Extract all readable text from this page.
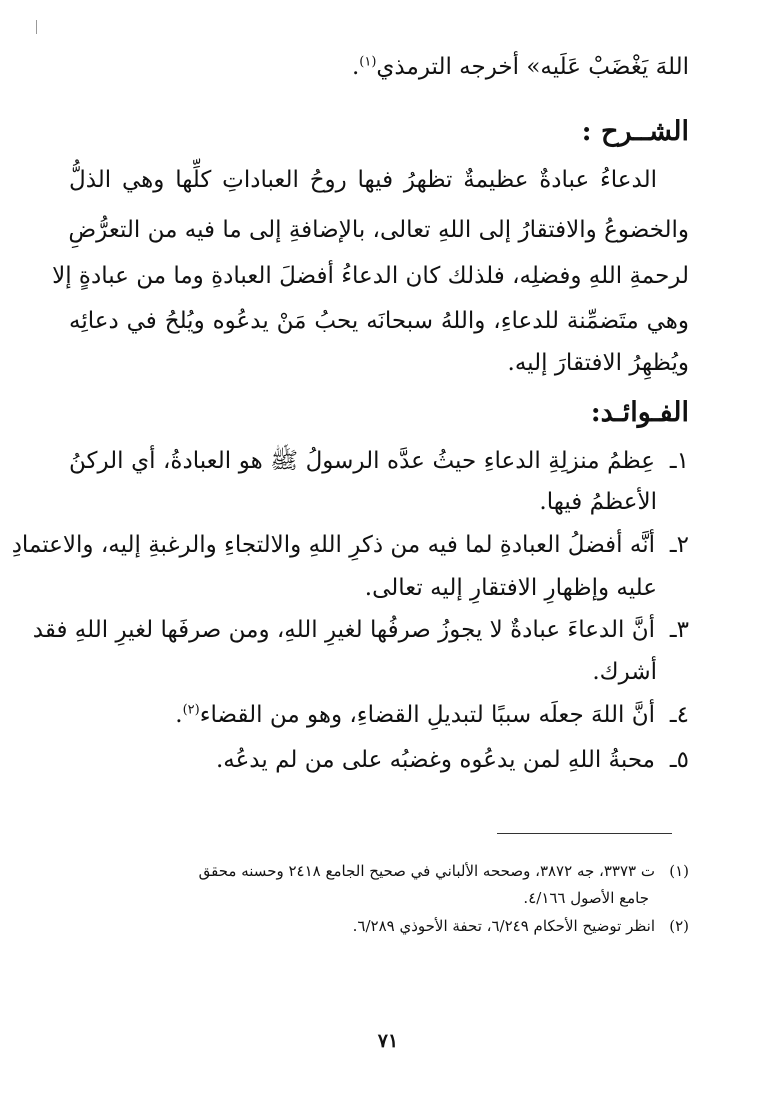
اللهَ يَغْضَبْ عَلَيه» أخرجه الترمذي$^{(١)}$.
الشــرح :
الدعاءُ عبادةٌ عظيمةٌ تظهرُ فيها روحُ العباداتِ كلِّها وهي الذلُّ
والخضوعُ والافتقارُ إلى اللهِ تعالى، بالإضافةِ إلى ما فيه من التعرُّضِ
لرحمةِ اللهِ وفضلِه، فلذلك كان الدعاءُ أفضلَ العبادةِ وما من عبادةٍ إلا
وهي متَضمِّنة للدعاءِ، واللهُ سبحانَه يحبُ مَنْ يدعُوه ويُلحُ في دعائِه
ويُظهِرُ الافتقارَ إليه.
الفـوائـد:
١ـعِظمُ منزلِةِ الدعاءِ حيثُ عدَّه الرسولُ ﷺ هو العبادةُ، أي الركنُ
الأعظمُ فيها.
٢ـأنَّه أفضلُ العبادةِ لما فيه من ذكرِ اللهِ والالتجاءِ والرغبةِ إليه، والاعتمادِ
عليه وإظهارِ الافتقارِ إليه تعالى.
٣ـأنَّ الدعاءَ عبادةٌ لا يجوزُ صرفُها لغيرِ اللهِ، ومن صرفَها لغيرِ اللهِ فقد
أشرك.
٤ـأنَّ اللهَ جعلَه سببًا لتبديلِ القضاءِ، وهو من القضاء$^{(٢)}$.
٥ـمحبةُ اللهِ لمن يدعُوه وغضبُه على من لم يدعُه.
(١)ت ٣٣٧٣، جه ٣٨٧٢، وصححه الألباني في صحيح الجامع ٢٤١٨ وحسنه محقق
جامع الأصول ٤/١٦٦.
(٢)انظر توضيح الأحكام ٦/٢٤٩، تحفة الأحوذي ٦/٢٨٩.
٧١
